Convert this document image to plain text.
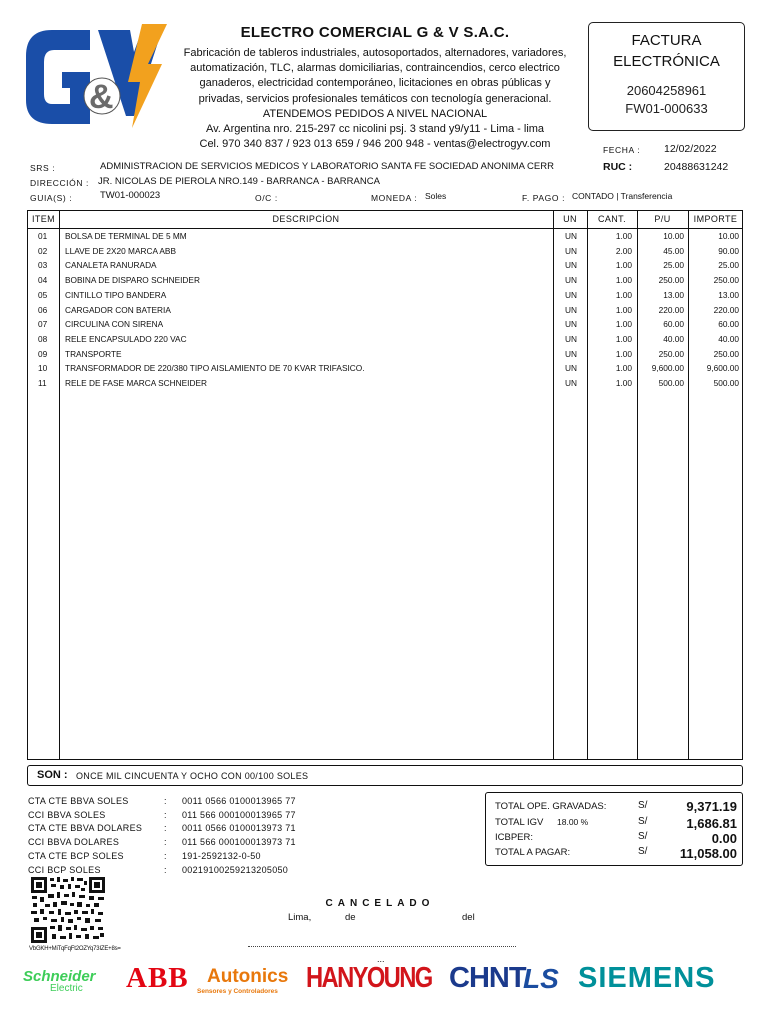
&
ELECTRO COMERCIAL G & V S.A.C.
Fabricación de tableros industriales, autosoportados, alternadores, variadores,
automatización, TLC, alarmas domiciliarias, contraincendios, cerco electrico
ganaderos, electricidad contemporáneo, licitaciones en obras públicas y
privadas, servicios profesionales temáticos con tecnología generacional.
ATENDEMOS PEDIDOS A NIVEL NACIONAL
Av. Argentina nro. 215-297 cc nicolini psj. 3 stand y9/y11 - Lima - lima
Cel. 970 340 837 / 923 013 659 / 946 200 948 - ventas@electrogyv.com
FACTURA
ELECTRÓNICA
20604258961
FW01-000633
FECHA : 12/02/2022
RUC :	20488631242
SRS :	ADMINISTRACION DE SERVICIOS MEDICOS Y LABORATORIO SANTA FE SOCIEDAD ANONIMA CERR
DIRECCIÓN : JR. NICOLAS DE PIEROLA NRO.149 - BARRANCA - BARRANCA
GUIA(S) :	TW01-000023	O/C :	MONEDA : Soles	F. PAGO : CONTADO | Transferencia
ITEM	DESCRIPCİON	UN	CANT.	P/U	IMPORTE
01 BOLSA DE TERMINAL DE 5 MM	UN	1.00	10.00	10.00
02 LLAVE DE 2X20 MARCA ABB	UN	2.00	45.00	90.00
03 CANALETA RANURADA	UN	1.00	25.00	25.00
04 BOBINA DE DISPARO SCHNEIDER	UN	1.00	250.00	250.00
05 CINTILLO TIPO BANDERA	UN	1.00	13.00	13.00
06 CARGADOR CON BATERIA	UN	1.00	220.00	220.00
07 CIRCULINA CON SIRENA	UN	1.00	60.00	60.00
08 RELE ENCAPSULADO 220 VAC	UN	1.00	40.00	40.00
09 TRANSPORTE	UN	1.00	250.00	250.00
10 TRANSFORMADOR DE 220/380 TIPO AISLAMIENTO DE 70 KVAR TRIFASICO.	UN	1.00 9,600.00	9,600.00
11 RELE DE FASE MARCA SCHNEIDER	UN	1.00	500.00	500.00
SON : ONCE MIL CINCUENTA Y OCHO CON 00/100 SOLES
CTA CTE BBVA SOLES	: 0011 0566 0100013965 77
CCI BBVA SOLES	: 011 566 000100013965 77
CTA CTE BBVA DOLARES : 0011 0566 0100013973 71
CCI BBVA DOLARES	: 011 566 000100013973 71
CTA CTE BCP SOLES	: 191-2592132-0-50
CCI BCP SOLES	: 00219100259213205050
TOTAL OPE. GRAVADAS:	S/	9,371.19
TOTAL IGV 18.00 %	S/	1,686.81
ICBPER:	S/	0.00
TOTAL A PAGAR:	S/ 11,058.00
VbGKH+MiTqFqFt2OZYq73IZE+8s=
CANCELADO
Lima,	de	del
...
Schneider
Electric ABB Autonics
Sensores y Controladores HANYOUNG CHNT
LS SIEMENS
